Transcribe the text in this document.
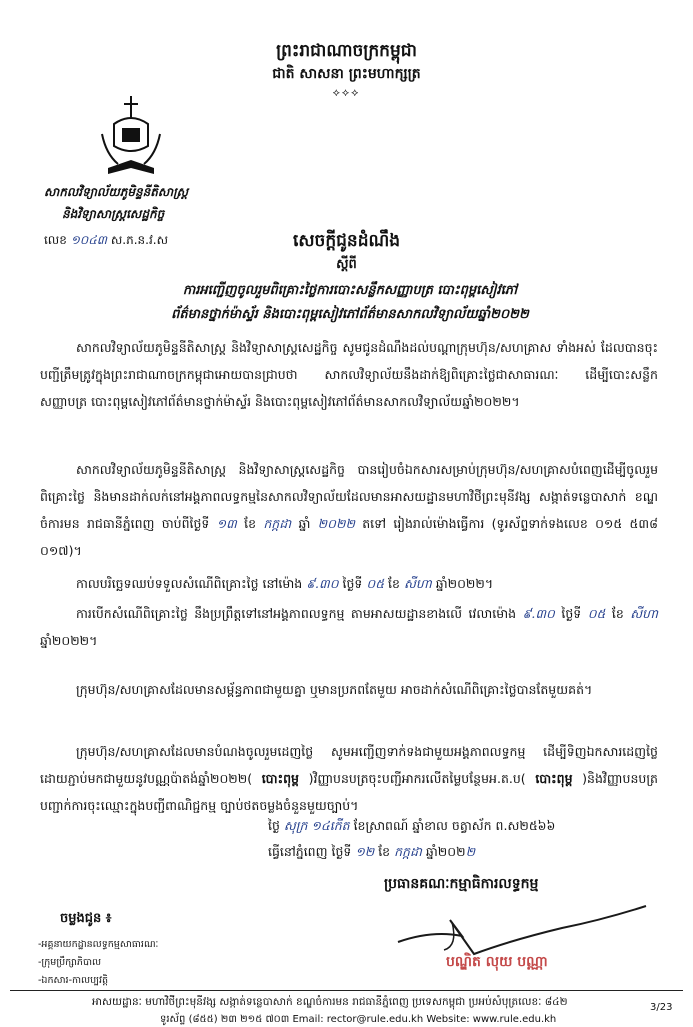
ព្រះរាជាណាចក្រកម្ពុជា
ជាតិ សាសនា ព្រះមហាក្សត្រ
⟡⟡⟡
សាកលវិទ្យាល័យភូមិន្ទនីតិសាស្ត្រ
និងវិទ្យាសាស្ត្រសេដ្ឋកិច្ច
លេខ ១០៤៣ ស.ភ.ន.វ.ស	សេចក្ដីជូនដំណឹង
ស្ដីពី
ការអញ្ជើញចូលរួមពិគ្រោះថ្លៃការបោះសន្លឹកសញ្ញាបត្រ បោះពុម្ពសៀវភៅ
ព័ត៌មានថ្នាក់ម៉ាស្ទ័រ និងបោះពុម្ពសៀវភៅព័ត៌មានសាកលវិទ្យាល័យឆ្នាំ២០២២
សាកលវិទ្យាល័យភូមិន្ទនីតិសាស្ត្រ និងវិទ្យាសាស្ត្រសេដ្ឋកិច្ច សូមជូនដំណឹងដល់បណ្ដាក្រុមហ៊ុន/សហគ្រាស ទាំងអស់ ដែលបានចុះបញ្ជីត្រឹមត្រូវក្នុងព្រះរាជាណាចក្រកម្ពុជាអោយបានជ្រាបថា សាកលវិទ្យាល័យនឹងដាក់ឱ្យពិគ្រោះថ្លៃជាសាធារណៈ ដើម្បីបោះសន្លឹកសញ្ញាបត្រ បោះពុម្ពសៀវភៅព័ត៌មានថ្នាក់ម៉ាស្ទ័រ និងបោះពុម្ពសៀវភៅព័ត៌មានសាកលវិទ្យាល័យឆ្នាំ២០២២។
សាកលវិទ្យាល័យភូមិន្ទនីតិសាស្ត្រ និងវិទ្យាសាស្ត្រសេដ្ឋកិច្ច បានរៀបចំឯកសារសម្រាប់ក្រុមហ៊ុន/សហគ្រាសបំពេញដើម្បីចូលរួមពិគ្រោះថ្លៃ និងមានដាក់លក់នៅអង្គភាពលទ្ធកម្មនៃសាកលវិទ្យាល័យដែលមានអាសយដ្ឋានមហាវិថីព្រះមុនីវង្ស សង្កាត់ទន្លេបាសាក់ ខណ្ឌចំការមន រាជធានីភ្នំពេញ ចាប់ពីថ្ងៃទី ១៣ ខែ កក្កដា ឆ្នាំ ២០២២ តទៅ រៀងរាល់ម៉ោងធ្វើការ (ទូរស័ព្ទទាក់ទងលេខ ០១៥ ៥៣៨ ០១៧)។
កាលបរិច្ឆេទឈប់ទទួលសំណើពិគ្រោះថ្លៃ នៅម៉ោង ៩.៣០ ថ្ងៃទី ០៥ ខែ សីហា ឆ្នាំ២០២២។
ការបើកសំណើពិគ្រោះថ្លៃ នឹងប្រព្រឹត្តទៅនៅអង្គភាពលទ្ធកម្ម តាមអាសយដ្ឋានខាងលើ វេលាម៉ោង ៩.៣០ ថ្ងៃទី ០៥ ខែ សីហា ឆ្នាំ២០២២។
ក្រុមហ៊ុន/សហគ្រាសដែលមានសម្ព័ន្ធភាពជាមួយគ្នា ឬមានប្រភពតែមួយ អាចដាក់សំណើពិគ្រោះថ្លៃបានតែមួយគត់។
ក្រុមហ៊ុន/សហគ្រាសដែលមានបំណងចូលរួមដេញថ្លៃ សូមអញ្ជើញទាក់ទងជាមួយអង្គភាពលទ្ធកម្ម ដើម្បីទិញឯកសារដេញថ្លៃដោយភ្ជាប់មកជាមួយនូវបណ្ណប៉ាតង់ឆ្នាំ២០២២( បោះពុម្ព )វិញ្ញាបនបត្រចុះបញ្ជីអាករលើតម្លៃបន្ថែមអ.ត.ប( បោះពុម្ព )និងវិញ្ញាបនបត្របញ្ជាក់ការចុះឈ្មោះក្នុងបញ្ជីពាណិជ្ជកម្ម ច្បាប់ថតចម្លងចំនួនមួយច្បាប់។
ថ្ងៃ សុក្រ ១៤កើត ខែស្រាពណ៍ ឆ្នាំខាល ចត្វាស័ក ព.ស២៥៦៦
ធ្វើនៅភ្នំពេញ ថ្ងៃទី ១២ ខែ កក្កដា ឆ្នាំ២០២២
ប្រធានគណៈកម្មាធិការលទ្ធកម្ម
បណ្ឌិត លុយ បណ្ណា
ចម្លងជូន ៖
-អគ្គនាយកដ្ឋានលទ្ធកម្មសាធារណៈ
-ក្រុមប្រឹក្សាភិបាល
-ឯកសារ-កាលប្បវត្តិ
អាសយដ្ឋានៈ មហាវិថីព្រះមុនីវង្ស សង្កាត់ទន្លេបាសាក់ ខណ្ឌចំការមន រាជធានីភ្នំពេញ ប្រទេសកម្ពុជា ប្រអប់សំបុត្រលេខៈ ៨៤២
ទូរស័ព្ទ (៨៥៥) ២៣ ២១៥ ៧០៣ Email: rector@rule.edu.kh Website: www.rule.edu.kh
3/23
